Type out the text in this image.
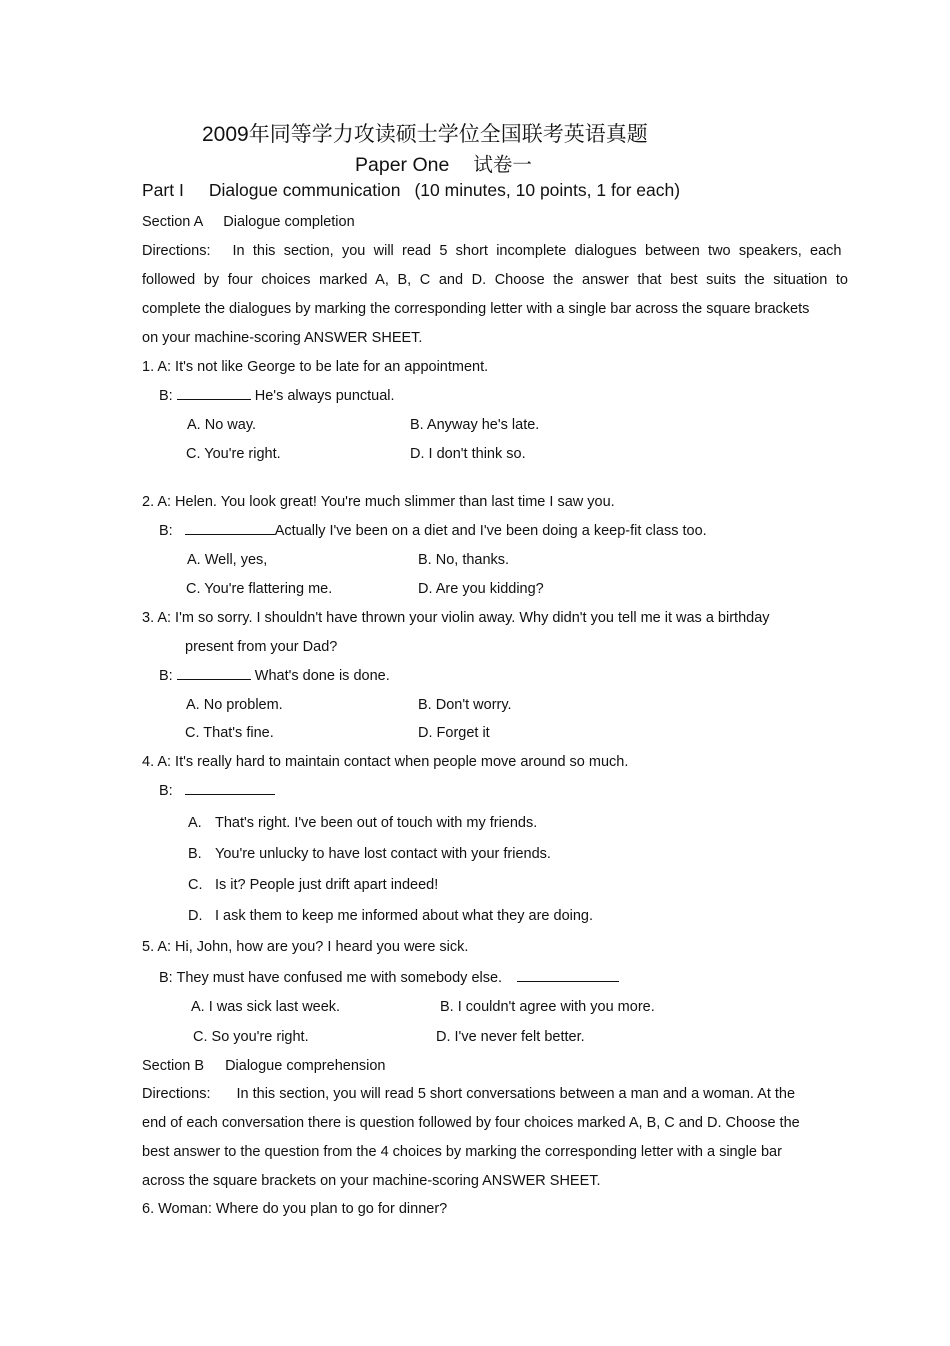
2009年同等学力攻读硕士学位全国联考英语真题
Paper One 试卷一
Part I Dialogue communication (10 minutes, 10 points, 1 for each)
Section A Dialogue completion
Directions: In this section, you will read 5 short incomplete dialogues between two speakers, each
followed by four choices marked A, B, C and D. Choose the answer that best suits the situation to
complete the dialogues by marking the corresponding letter with a single bar across the square brackets
on your machine-scoring ANSWER SHEET.
1. A: It's not like George to be late for an appointment.
B:	He's always punctual.
A. No way.	B. Anyway he's late.
C. You're right.	D. I don't think so.
2. A: Helen. You look great! You're much slimmer than last time I saw you.
B:	Actually I've been on a diet and I've been doing a keep-fit class too.
A. Well, yes,	B. No, thanks.
C. You're flattering me.	D. Are you kidding?
3. A: I'm so sorry. I shouldn't have thrown your violin away. Why didn't you tell me it was a birthday
present from your Dad?
B:	What's done is done.
A. No problem.	B. Don't worry.
C. That's fine.	D. Forget it
4. A: It's really hard to maintain contact when people move around so much.
B:
A. That's right. I've been out of touch with my friends.
B. You're unlucky to have lost contact with your friends.
C. Is it? People just drift apart indeed!
D. I ask them to keep me informed about what they are doing.
5. A: Hi, John, how are you? I heard you were sick.
B: They must have confused me with somebody else.
A. I was sick last week.	B. I couldn't agree with you more.
C. So you're right.	D. I've never felt better.
Section B Dialogue comprehension
Directions: In this section, you will read 5 short conversations between a man and a woman. At the
end of each conversation there is question followed by four choices marked A, B, C and D. Choose the
best answer to the question from the 4 choices by marking the corresponding letter with a single bar
across the square brackets on your machine-scoring ANSWER SHEET.
6. Woman: Where do you plan to go for dinner?
